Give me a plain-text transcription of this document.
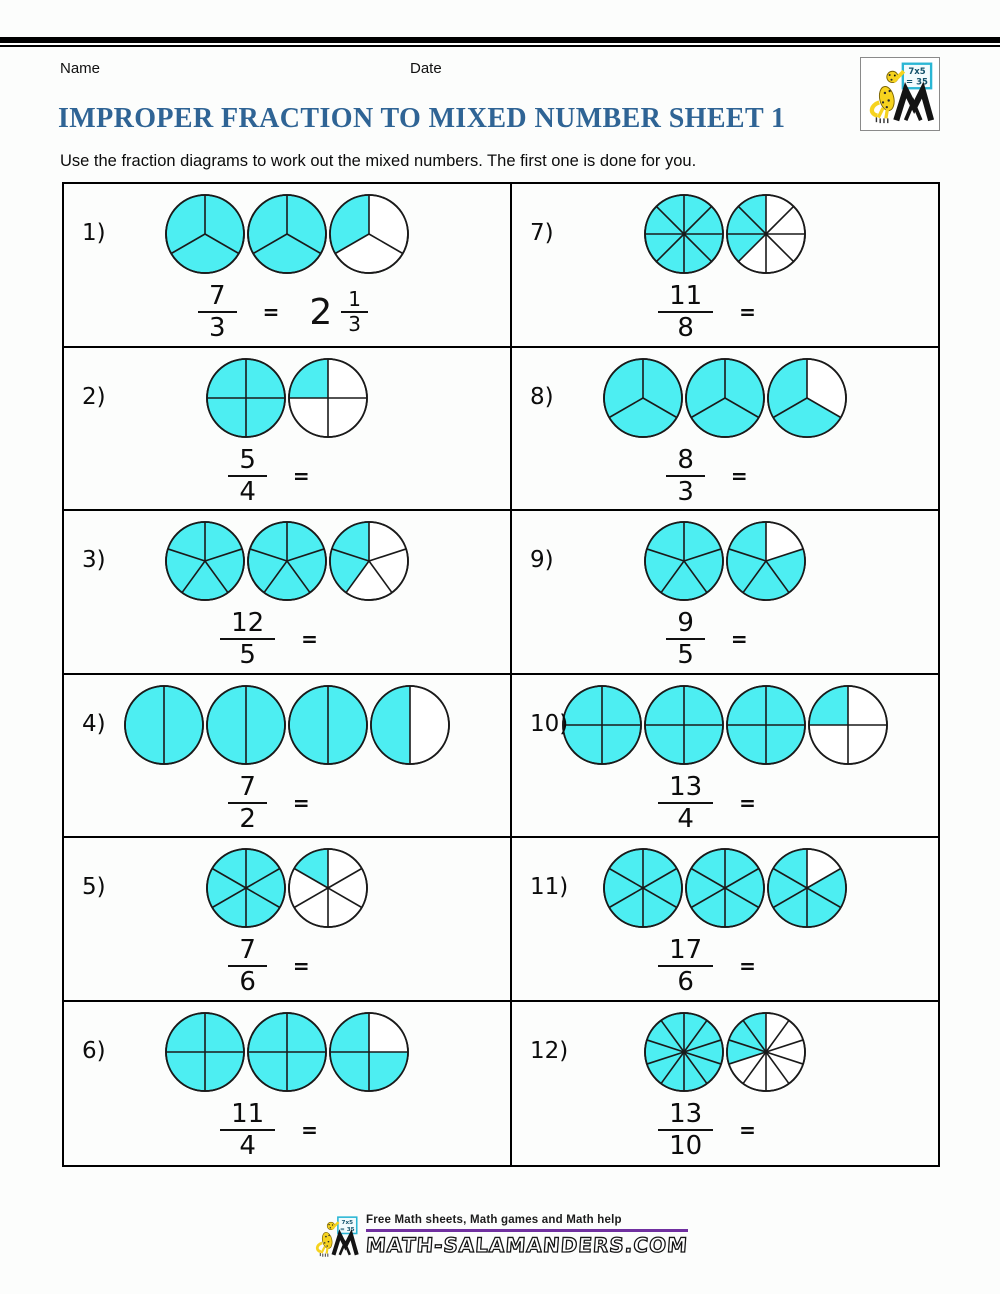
Name	Date	7x5
= 35
IMPROPER FRACTION TO MIXED NUMBER SHEET 1
Use the fraction diagrams to work out the mixed numbers. The first one is done for you.
1)
$\frac{7}{3} = 2 \frac{1}{3}$
2)
$\frac{5}{4}$ =
3)
$\frac{12}{5}$ =
4)
$\frac{7}{2}$ =
5)
$\frac{7}{6}$ =
6)
$\frac{11}{4}$ =
7)
$\frac{11}{8}$ =
8)
$\frac{8}{3}$ =
9)
$\frac{9}{5}$ =
10)
$\frac{13}{4}$ =
11)
$\frac{17}{6}$ =
12)
$\frac{13}{10}$ =
7x5
= 35
Free Math sheets, Math games and Math help
MATH-SALAMANDERS.COM
